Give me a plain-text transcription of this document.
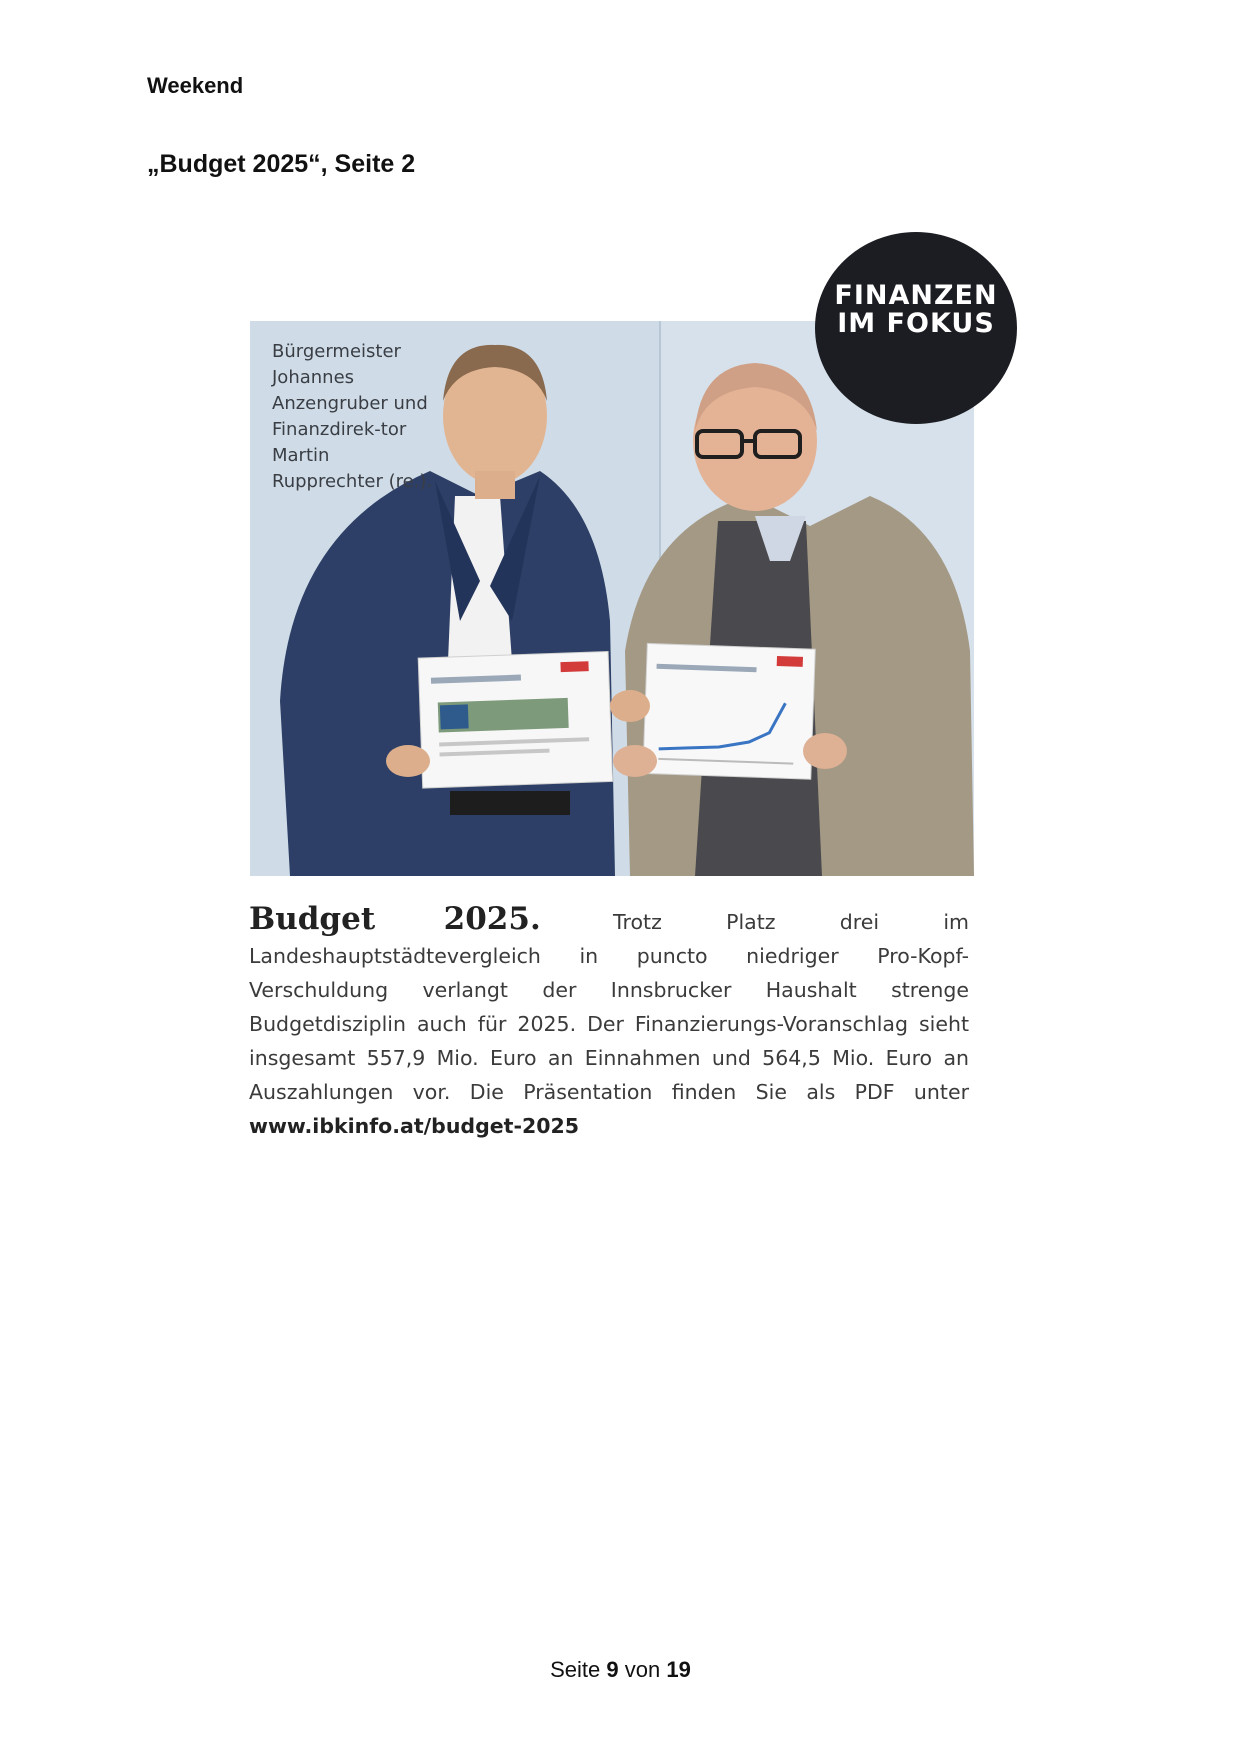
Weekend
„Budget 2025“, Seite 2
Bürgermeister Johannes Anzengruber und Finanzdirek-tor Martin Rupprechter (re.).
FINANZEN
IM FOKUS
Budget 2025.	Trotz Platz drei im Landeshauptstädtevergleich in puncto niedriger Pro-Kopf-Verschuldung verlangt der Innsbrucker Haushalt strenge Budgetdisziplin auch für 2025. Der Finanzierungs-Voranschlag sieht insgesamt 557,9 Mio. Euro an Einnahmen und 564,5 Mio. Euro an Auszahlungen vor. Die Präsentation finden Sie als PDF unter www.ibkinfo.at/budget-2025
Seite 9 von 19
